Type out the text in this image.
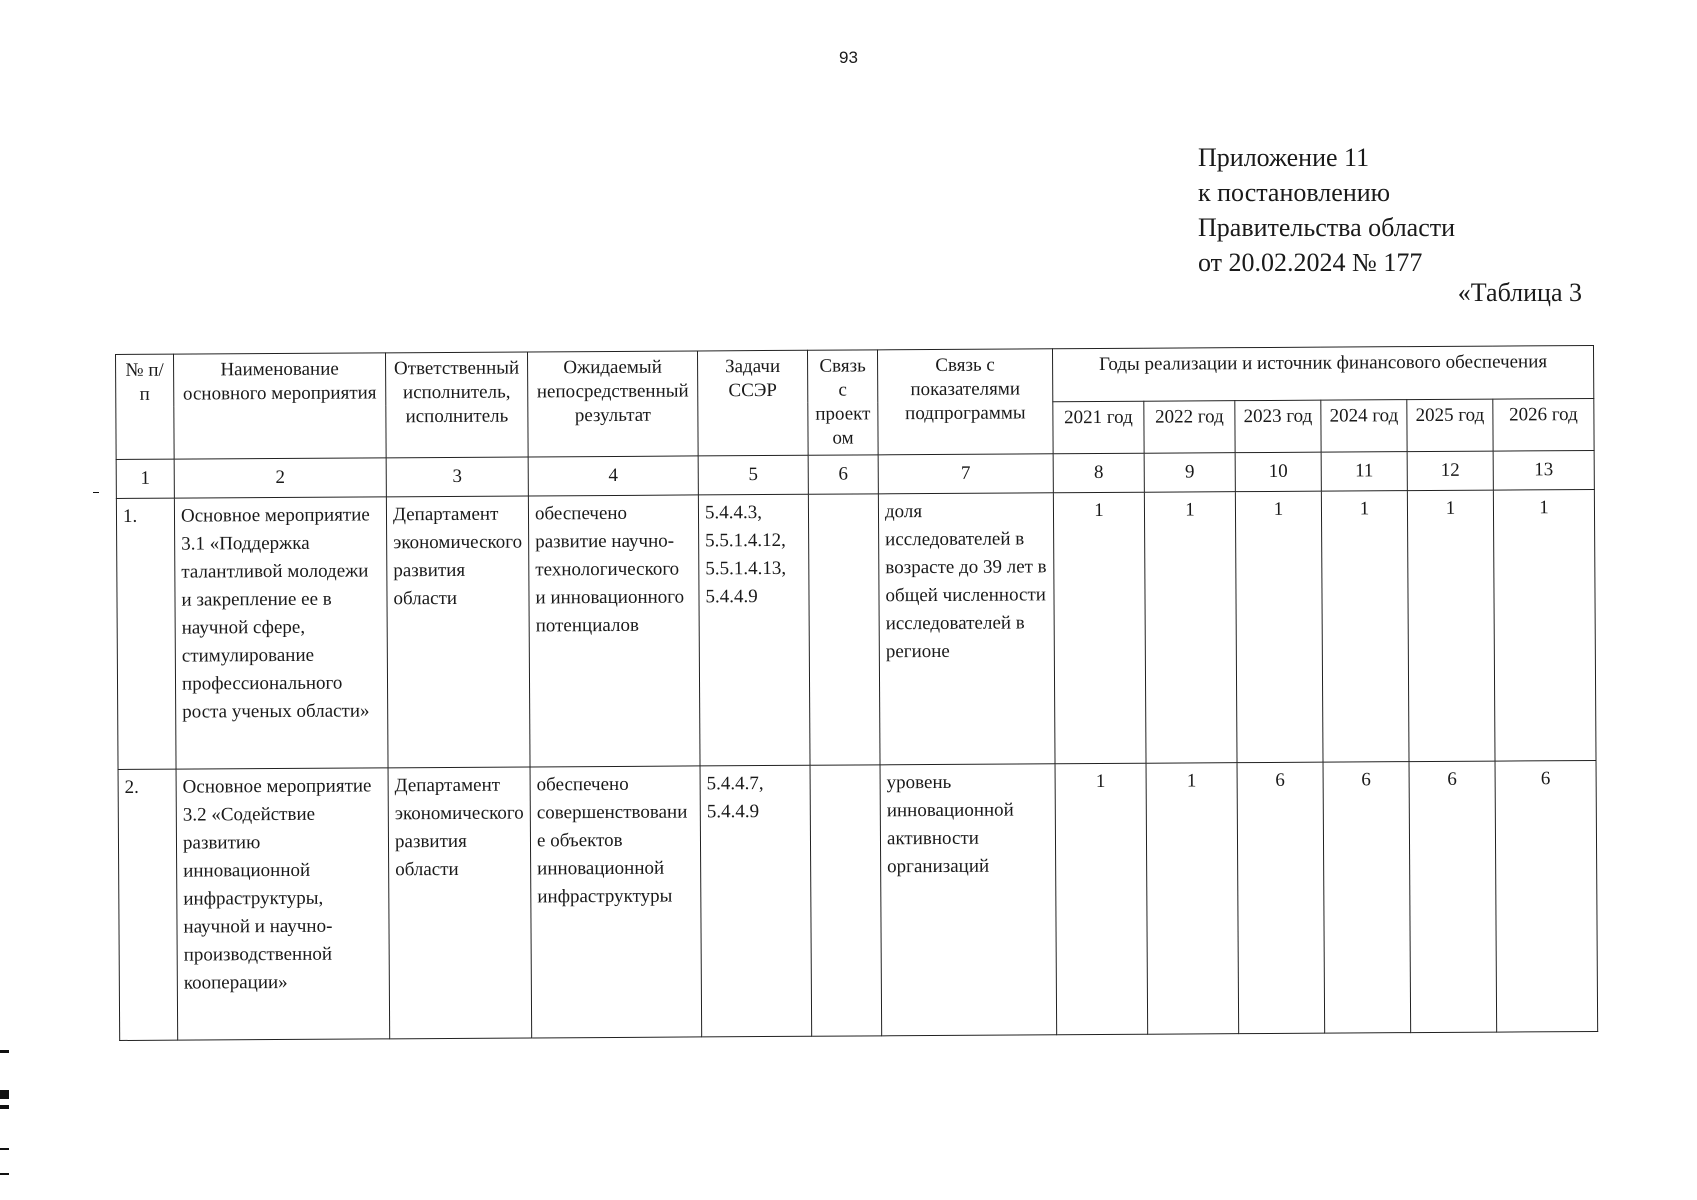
93
Приложение 11
к постановлению
Правительства области
от 20.02.2024 № 177
«Таблица 3
№ п/п	Наименование основного мероприятия	Ответственный исполнитель, исполнитель	Ожидаемый непосредственный результат	Задачи ССЭР	Связь с проектом	Связь с показателями подпрограммы	Годы реализации и источник финансового обеспечения					
							2021 год	2022 год	2023 год	2024 год	2025 год	2026 год
1	2	3	4	5	6	7	8	9	10	11	12	13
1.	Основное мероприятие 3.1 «Поддержка талантливой молодежи и закрепление ее в научной сфере, стимулирование профессионального роста ученых области»	Департамент экономического развития области	обеспечено развитие научно-технологического и инновационного потенциалов	5.4.4.3, 5.5.1.4.12, 5.5.1.4.13, 5.4.4.9		доля исследователей в возрасте до 39 лет в общей численности исследователей в регионе	1	1	1	1	1	1
2.	Основное мероприятие 3.2 «Содействие развитию инновационной инфраструктуры, научной и научно-производственной кооперации»	Департамент экономического развития области	обеспечено совершенствование объектов инновационной инфраструктуры	5.4.4.7, 5.4.4.9		уровень инновационной активности организаций	1	1	6	6	6	6
